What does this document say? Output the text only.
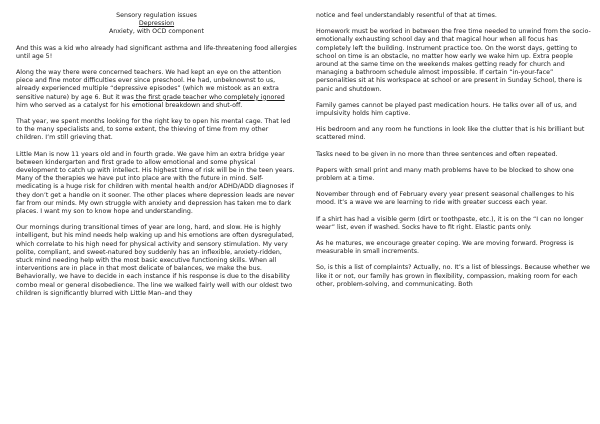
Sensory regulation issues
Depression
Anxiety, with OCD component

And this was a kid who already had significant asthma and life-threatening food allergies until age 5!

Along the way there were concerned teachers. We had kept an eye on the attention piece and fine motor difficulties ever since preschool. He had, unbeknownst to us, already experienced multiple “depressive episodes” (which we mistook as an extra sensitive nature) by age 6. But it was the first grade teacher who completely ignored him who served as a catalyst for his emotional breakdown and shut-off.

That year, we spent months looking for the right key to open his mental cage. That led to the many specialists and, to some extent, the thieving of time from my other children. I’m still grieving that.

Little Man is now 11 years old and in fourth grade. We gave him an extra bridge year between kindergarten and first grade to allow emotional and some physical development to catch up with intellect. His highest time of risk will be in the teen years. Many of the therapies we have put into place are with the future in mind. Self-medicating is a huge risk for children with mental health and/or ADHD/ADD diagnoses if they don’t get a handle on it sooner. The other places where depression leads are never far from our minds. My own struggle with anxiety and depression has taken me to dark places. I want my son to know hope and understanding.

Our mornings during transitional times of year are long, hard, and slow. He is highly intelligent, but his mind needs help waking up and his emotions are often dysregulated, which correlate to his high need for physical activity and sensory stimulation. My very polite, compliant, and sweet-natured boy suddenly has an inflexible, anxiety-ridden, stuck mind needing help with the most basic executive functioning skills. When all interventions are in place in that most delicate of balances, we make the bus. Behaviorally, we have to decide in each instance if his response is due to the disability combo meal or general disobedience. The line we walked fairly well with our oldest two children is significantly blurred with Little Man–and they

notice and feel understandably resentful of that at times.

Homework must be worked in between the free time needed to unwind from the socio-emotionally exhausting school day and that magical hour when all focus has completely left the building. Instrument practice too. On the worst days, getting to school on time is an obstacle, no matter how early we wake him up. Extra people around at the same time on the weekends makes getting ready for church and managing a bathroom schedule almost impossible. If certain “in-your-face” personalities sit at his workspace at school or are present in Sunday School, there is panic and shutdown.

Family games cannot be played past medication hours. He talks over all of us, and impulsivity holds him captive.

His bedroom and any room he functions in look like the clutter that is his brilliant but scattered mind.

Tasks need to be given in no more than three sentences and often repeated.

Papers with small print and many math problems have to be blocked to show one problem at a time.

November through end of February every year present seasonal challenges to his mood. It’s a wave we are learning to ride with greater success each year.

If a shirt has had a visible germ (dirt or toothpaste, etc.), it is on the “I can no longer wear” list, even if washed. Socks have to fit right. Elastic pants only.

As he matures, we encourage greater coping. We are moving forward. Progress is measurable in small increments.

So, is this a list of complaints? Actually, no. It’s a list of blessings. Because whether we like it or not, our family has grown in flexibility, compassion, making room for each other, problem-solving, and communicating. Both
